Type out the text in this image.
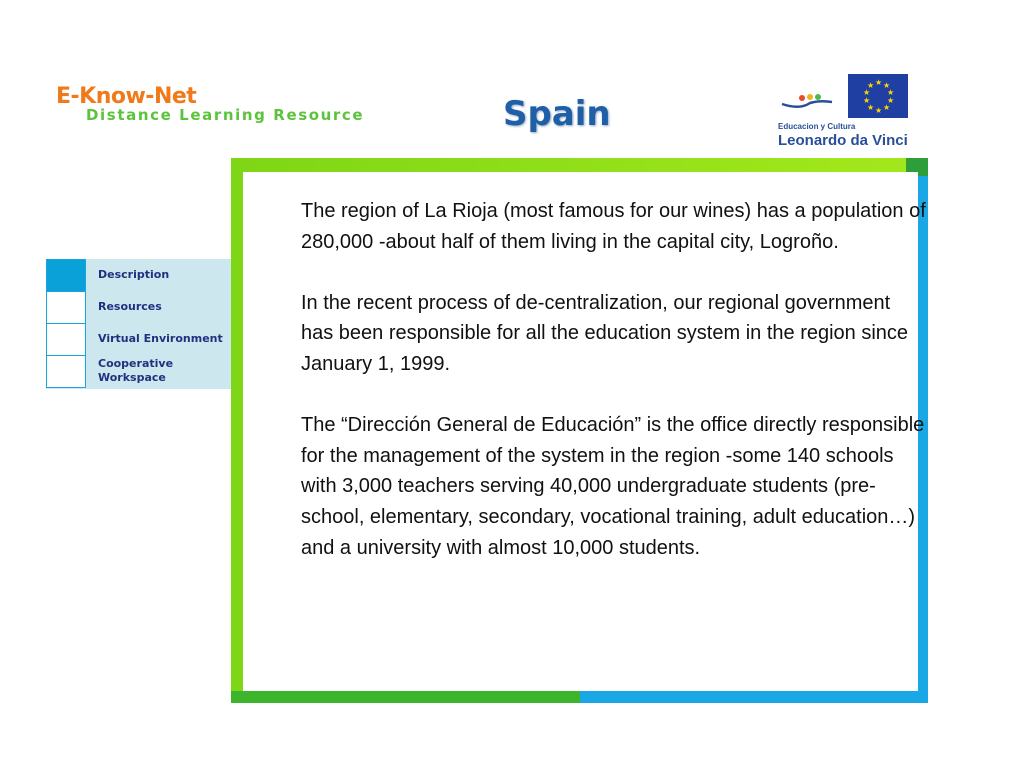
E-Know-Net
Distance Learning Resource	Spain
★ ★
★
★
★
★
★
★
★
★
Educacion y Cultura
Leonardo da Vinci
Description
Resources
Virtual Environment
Cooperative Workspace

The region of La Rioja (most famous for our wines) has a population of 280,000 -about half of them living in the capital city, Logroño.

In the recent process of de-centralization, our regional government has been responsible for all the education system in the region since January 1, 1999.

The “Dirección General de Educación” is the office directly responsible for the management of the system in the region -some 140 schools with 3,000 teachers serving 40,000 undergraduate students (pre-school, elementary, secondary, vocational training, adult education…) and a university with almost 10,000 students.
